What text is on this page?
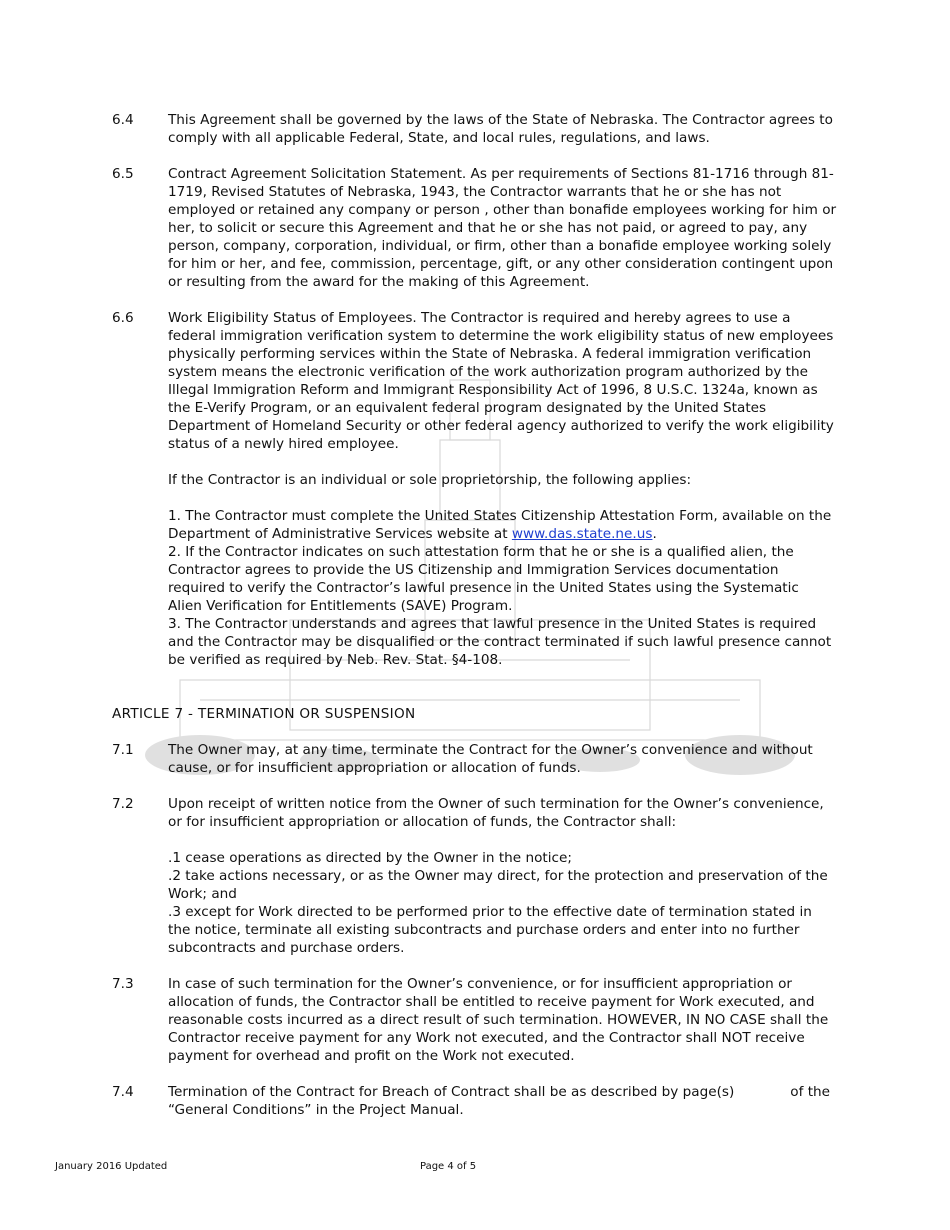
6.4	This Agreement shall be governed by the laws of the State of Nebraska. The Contractor agrees to comply with all applicable Federal, State, and local rules, regulations, and laws.

6.5	Contract Agreement Solicitation Statement. As per requirements of Sections 81-1716 through 81-1719, Revised Statutes of Nebraska, 1943, the Contractor warrants that he or she has not employed or retained any company or person , other than bonafide employees working for him or her, to solicit or secure this Agreement and that he or she has not paid, or agreed to pay, any person, company, corporation, individual, or firm, other than a bonafide employee working solely for him or her, and fee, commission, percentage, gift, or any other consideration contingent upon or resulting from the award for the making of this Agreement.

6.6	Work Eligibility Status of Employees. The Contractor is required and hereby agrees to use a federal immigration verification system to determine the work eligibility status of new employees physically performing services within the State of Nebraska. A federal immigration verification system means the electronic verification of the work authorization program authorized by the Illegal Immigration Reform and Immigrant Responsibility Act of 1996, 8 U.S.C. 1324a, known as the E-Verify Program, or an equivalent federal program designated by the United States Department of Homeland Security or other federal agency authorized to verify the work eligibility status of a newly hired employee.

If the Contractor is an individual or sole proprietorship, the following applies:

1. The Contractor must complete the United States Citizenship Attestation Form, available on the Department of Administrative Services website at www.das.state.ne.us.

2. If the Contractor indicates on such attestation form that he or she is a qualified alien, the Contractor agrees to provide the US Citizenship and Immigration Services documentation required to verify the Contractor’s lawful presence in the United States using the Systematic Alien Verification for Entitlements (SAVE) Program.

3. The Contractor understands and agrees that lawful presence in the United States is required and the Contractor may be disqualified or the contract terminated if such lawful presence cannot be verified as required by Neb. Rev. Stat. §4-108.

ARTICLE 7 - TERMINATION OR SUSPENSION

7.1	The Owner may, at any time, terminate the Contract for the Owner’s convenience and without cause, or for insufficient appropriation or allocation of funds.

7.2	Upon receipt of written notice from the Owner of such termination for the Owner’s convenience, or for insufficient appropriation or allocation of funds, the Contractor shall:

.1 cease operations as directed by the Owner in the notice;

.2 take actions necessary, or as the Owner may direct, for the protection and preservation of the Work; and

.3 except for Work directed to be performed prior to the effective date of termination stated in the notice, terminate all existing subcontracts and purchase orders and enter into no further subcontracts and purchase orders.

7.3	In case of such termination for the Owner’s convenience, or for insufficient appropriation or allocation of funds, the Contractor shall be entitled to receive payment for Work executed, and reasonable costs incurred as a direct result of such termination. HOWEVER, IN NO CASE shall the Contractor receive payment for any Work not executed, and the Contractor shall NOT receive payment for overhead and profit on the Work not executed.

7.4	Termination of the Contract for Breach of Contract shall be as described by page(s)	of the “General Conditions” in the Project Manual.

January 2016 Updated	Page 4 of 5
